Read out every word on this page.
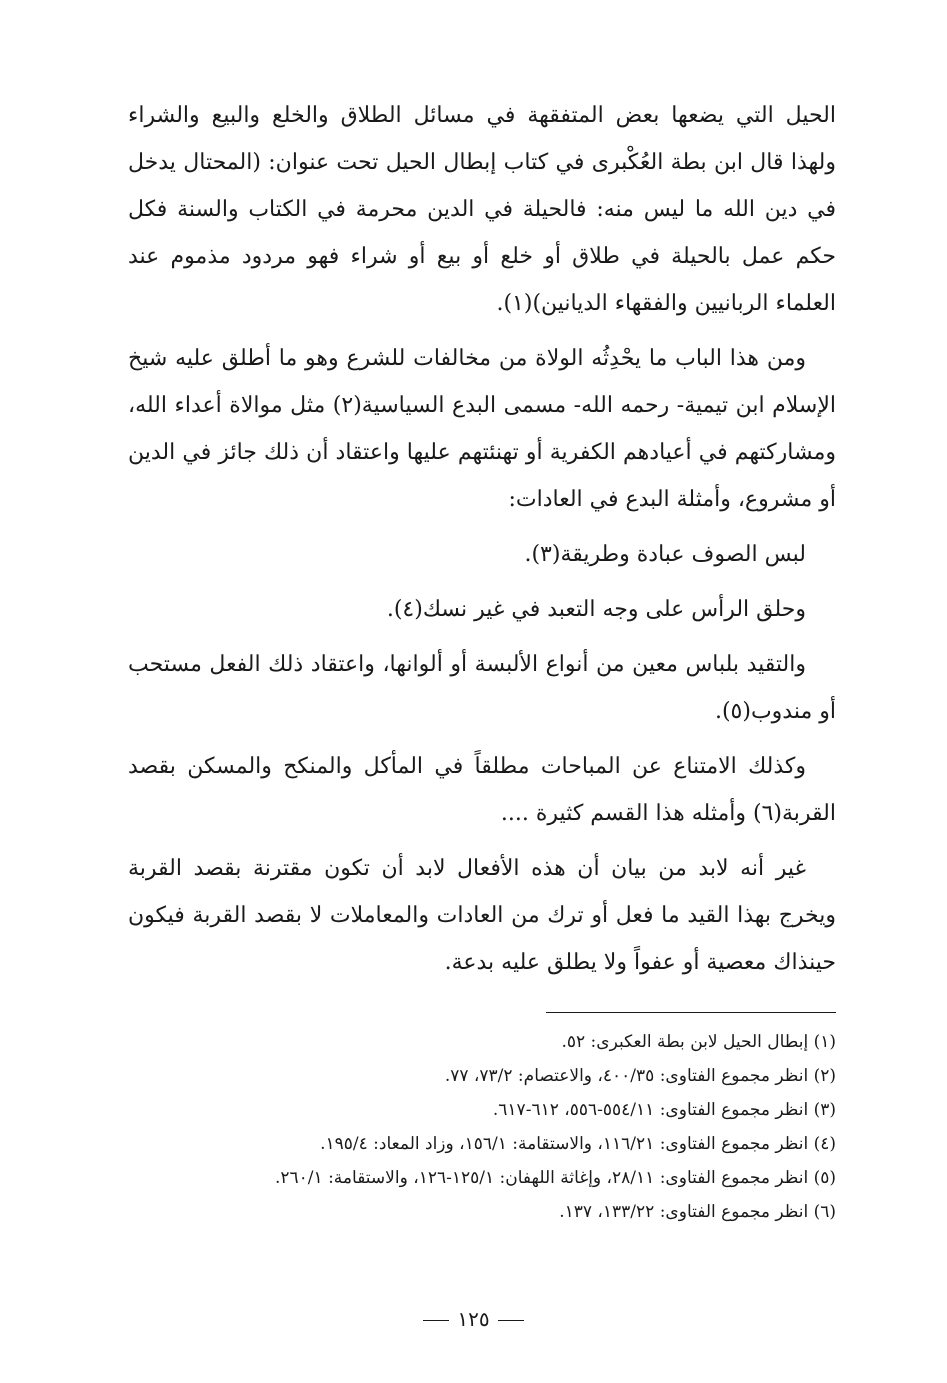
الحيل التي يضعها بعض المتفقهة في مسائل الطلاق والخلع والبيع والشراء ولهذا قال ابن بطة العُكْبرى في كتاب إبطال الحيل تحت عنوان: (المحتال يدخل في دين الله ما ليس منه: فالحيلة في الدين محرمة في الكتاب والسنة فكل حكم عمل بالحيلة في طلاق أو خلع أو بيع أو شراء فهو مردود مذموم عند العلماء الربانيين والفقهاء الديانين)(١).

ومن هذا الباب ما يحْدِثُه الولاة من مخالفات للشرع وهو ما أطلق عليه شيخ الإسلام ابن تيمية- رحمه الله- مسمى البدع السياسية(٢) مثل موالاة أعداء الله، ومشاركتهم في أعيادهم الكفرية أو تهنئتهم عليها واعتقاد أن ذلك جائز في الدين أو مشروع، وأمثلة البدع في العادات:

لبس الصوف عبادة وطريقة(٣).

وحلق الرأس على وجه التعبد في غير نسك(٤).

والتقيد بلباس معين من أنواع الألبسة أو ألوانها، واعتقاد ذلك الفعل مستحب أو مندوب(٥).

وكذلك الامتناع عن المباحات مطلقاً في المأكل والمنكح والمسكن بقصد القربة(٦) وأمثله هذا القسم كثيرة ....

غير أنه لابد من بيان أن هذه الأفعال لابد أن تكون مقترنة بقصد القربة ويخرج بهذا القيد ما فعل أو ترك من العادات والمعاملات لا بقصد القربة فيكون حينذاك معصية أو عفواً ولا يطلق عليه بدعة.

(١) إبطال الحيل لابن بطة العكبرى: ٥٢.
(٢) انظر مجموع الفتاوى: ٤٠٠/٣٥، والاعتصام: ٧٣/٢، ٧٧.
(٣) انظر مجموع الفتاوى: ٥٥٤/١١-٥٥٦، ٦١٢-٦١٧.
(٤) انظر مجموع الفتاوى: ١١٦/٢١، والاستقامة: ١٥٦/١، وزاد المعاد: ١٩٥/٤.
(٥) انظر مجموع الفتاوى: ٢٨/١١، وإغاثة اللهفان: ١٢٥/١-١٢٦، والاستقامة: ٢٦٠/١.
(٦) انظر مجموع الفتاوى: ١٣٣/٢٢، ١٣٧.
١٢٥
